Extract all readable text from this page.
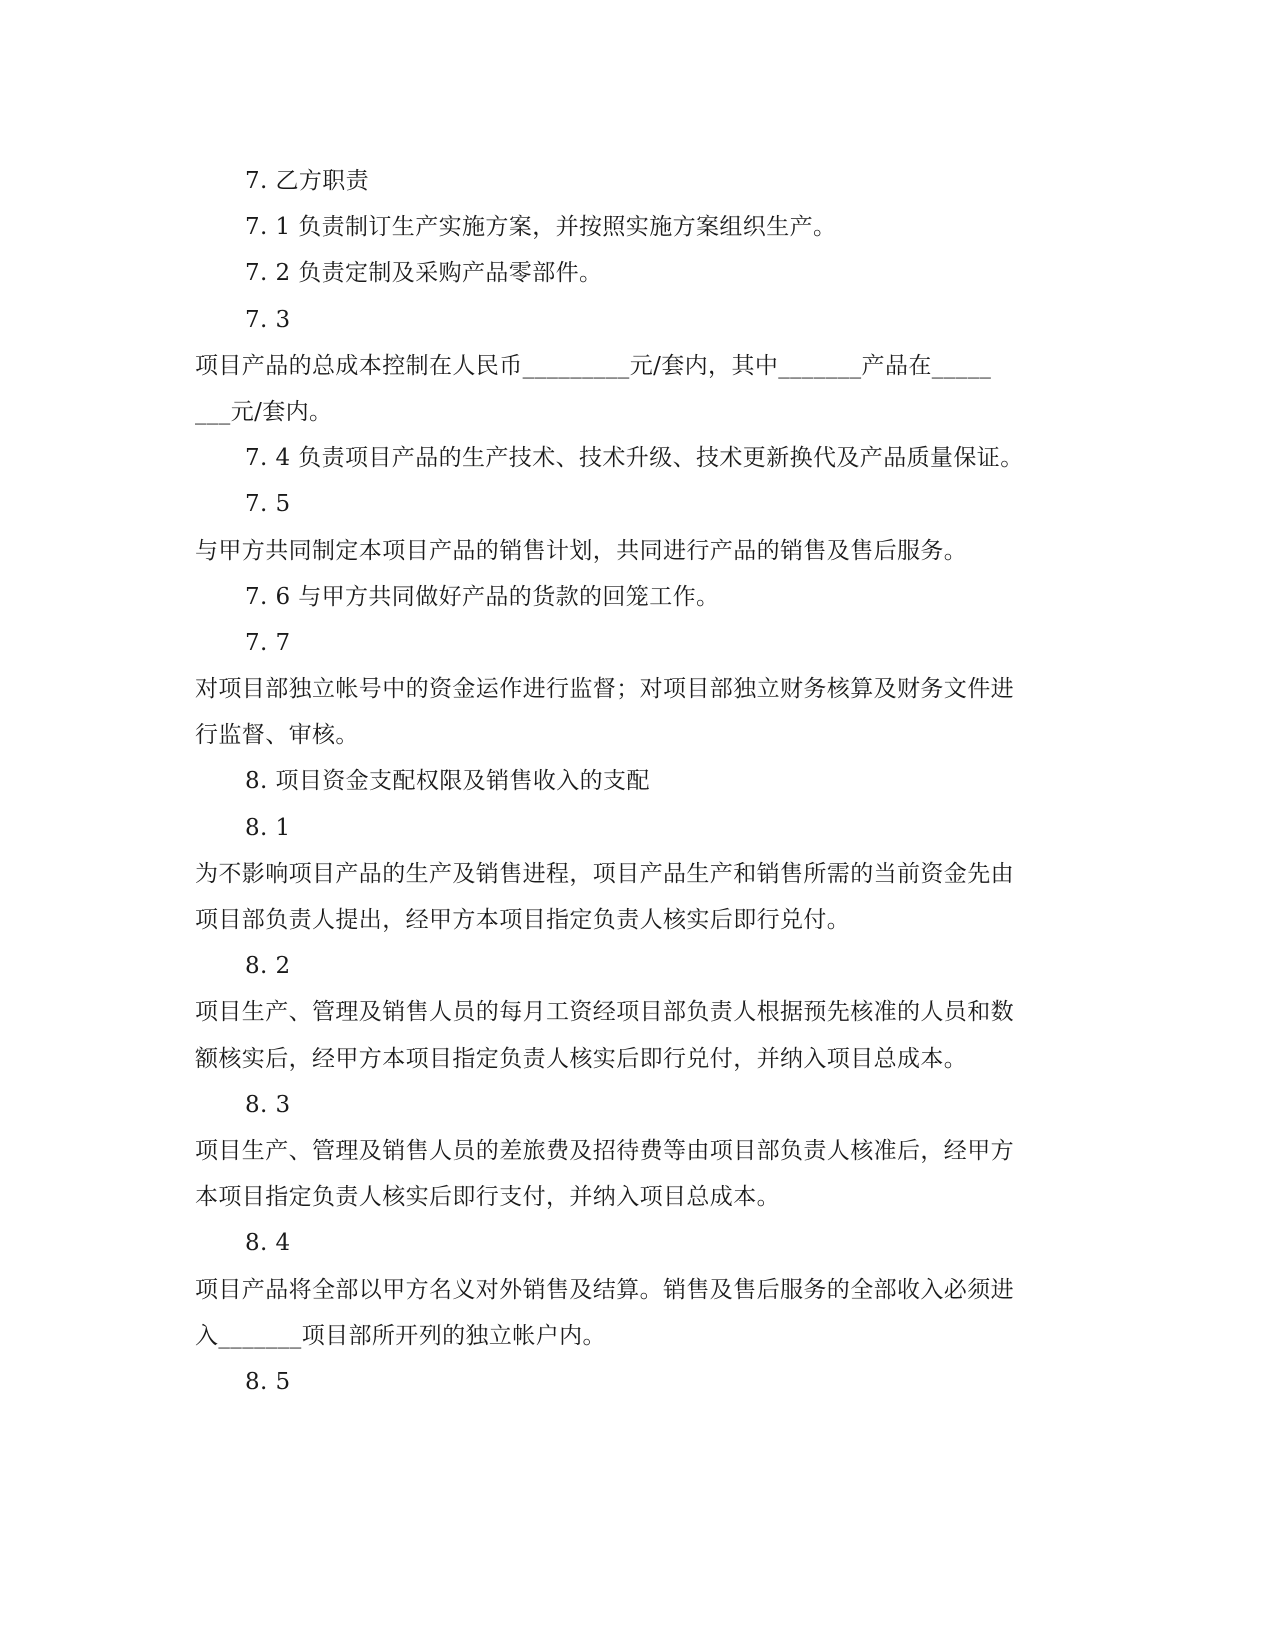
7. 乙方职责
7. 1 负责制订生产实施方案，并按照实施方案组织生产。
7. 2 负责定制及采购产品零部件。
7. 3
项目产品的总成本控制在人民币_________元/套内，其中_______产品在_____
___元/套内。
7. 4 负责项目产品的生产技术、技术升级、技术更新换代及产品质量保证。
7. 5
与甲方共同制定本项目产品的销售计划，共同进行产品的销售及售后服务。
7. 6 与甲方共同做好产品的货款的回笼工作。
7. 7
对项目部独立帐号中的资金运作进行监督；对项目部独立财务核算及财务文件进
行监督、审核。
8. 项目资金支配权限及销售收入的支配
8. 1
为不影响项目产品的生产及销售进程，项目产品生产和销售所需的当前资金先由
项目部负责人提出，经甲方本项目指定负责人核实后即行兑付。
8. 2
项目生产、管理及销售人员的每月工资经项目部负责人根据预先核准的人员和数
额核实后，经甲方本项目指定负责人核实后即行兑付，并纳入项目总成本。
8. 3
项目生产、管理及销售人员的差旅费及招待费等由项目部负责人核准后，经甲方
本项目指定负责人核实后即行支付，并纳入项目总成本。
8. 4
项目产品将全部以甲方名义对外销售及结算。销售及售后服务的全部收入必须进
入_______项目部所开列的独立帐户内。
8. 5
